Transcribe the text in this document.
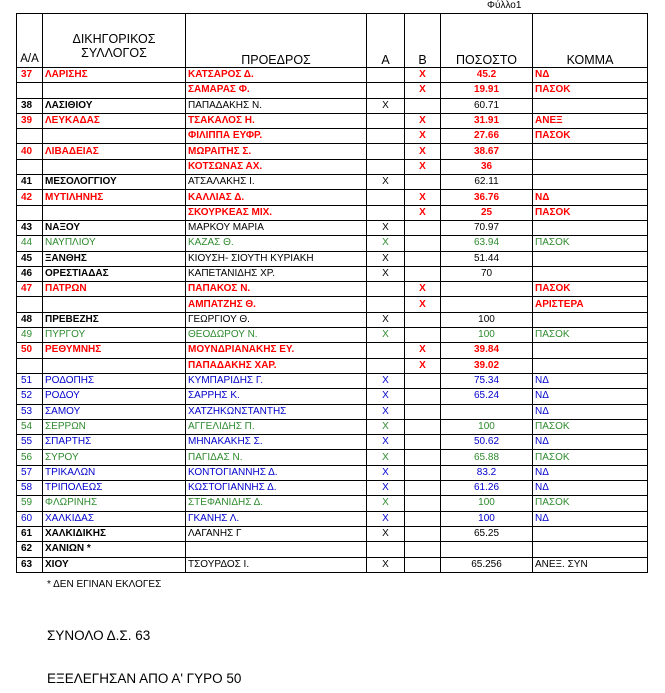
Φύλλο1
Α/Α	ΔΙΚΗΓΟΡΙΚΟΣ ΣΥΛΛΟΓΟΣ	ΠΡΟΕΔΡΟΣ	Α	Β	ΠΟΣΟΣΤΟ	ΚΟΜΜΑ
37	ΛΑΡΙΣΗΣ	ΚΑΤΣΑΡΟΣ Δ.		Χ	45.2	ΝΔ
		ΣΑΜΑΡΑΣ Φ.		Χ	19.91	ΠΑΣΟΚ
38	ΛΑΣΙΘΙΟΥ	ΠΑΠΑΔΑΚΗΣ Ν.	Χ		60.71	
39	ΛΕΥΚΑΔΑΣ	ΤΣΑΚΑΛΟΣ Η.		Χ	31.91	ΑΝΕΞ
		ΦΙΛΙΠΠΑ ΕΥΦΡ.		Χ	27.66	ΠΑΣΟΚ
40	ΛΙΒΑΔΕΙΑΣ	ΜΩΡΑΙΤΗΣ Σ.		Χ	38.67	
		ΚΟΤΣΩΝΑΣ ΑΧ.		Χ	36	
41	ΜΕΣΟΛΟΓΓΙΟΥ	ΑΤΣΑΛΑΚΗΣ Ι.	Χ		62.11	
42	ΜΥΤΙΛΗΝΗΣ	ΚΑΛΛΙΑΣ Δ.		Χ	36.76	ΝΔ
		ΣΚΟΥΡΚΕΑΣ ΜΙΧ.		Χ	25	ΠΑΣΟΚ
43	ΝΑΞΟΥ	ΜΑΡΚΟΥ ΜΑΡΙΑ	Χ		70.97	
44	ΝΑΥΠΛΙΟΥ	ΚΑΖΑΣ Θ.	Χ		63.94	ΠΑΣΟΚ
45	ΞΑΝΘΗΣ	ΚΙΟΥΣΗ- ΣΙΟΥΤΗ ΚΥΡΙΑΚΗ	Χ		51.44	
46	ΟΡΕΣΤΙΑΔΑΣ	ΚΑΠΕΤΑΝΙΔΗΣ ΧΡ.	Χ		70	
47	ΠΑΤΡΩΝ	ΠΑΠΑΚΟΣ Ν.		Χ		ΠΑΣΟΚ
		ΑΜΠΑΤΖΗΣ Θ.		Χ		ΑΡΙΣΤΕΡΑ
48	ΠΡΕΒΕΖΗΣ	ΓΕΩΡΓΙΟΥ Θ.	Χ		100	
49	ΠΥΡΓΟΥ	ΘΕΟΔΩΡΟΥ Ν.	Χ		100	ΠΑΣΟΚ
50	ΡΕΘΥΜΝΗΣ	ΜΟΥΝΔΡΙΑΝΑΚΗΣ ΕΥ.		Χ	39.84	
		ΠΑΠΑΔΑΚΗΣ ΧΑΡ.		Χ	39.02	
51	ΡΟΔΟΠΗΣ	ΚΥΜΠΑΡΙΔΗΣ Γ.	Χ		75.34	ΝΔ
52	ΡΟΔΟΥ	ΣΑΡΡΗΣ Κ.	Χ		65.24	ΝΔ
53	ΣΑΜΟΥ	ΧΑΤΖΗΚΩΝΣΤΑΝΤΗΣ	Χ			ΝΔ
54	ΣΕΡΡΩΝ	ΑΓΓΕΛΙΔΗΣ Π.	Χ		100	ΠΑΣΟΚ
55	ΣΠΑΡΤΗΣ	ΜΗΝΑΚΑΚΗΣ Σ.	Χ		50.62	ΝΔ
56	ΣΥΡΟΥ	ΠΑΓΙΔΑΣ Ν.	Χ		65.88	ΠΑΣΟΚ
57	ΤΡΙΚΑΛΩΝ	ΚΟΝΤΟΓΙΑΝΝΗΣ Δ.	Χ		83.2	ΝΔ
58	ΤΡΙΠΟΛΕΩΣ	ΚΩΣΤΟΓΙΑΝΝΗΣ Δ.	Χ		61.26	ΝΔ
59	ΦΛΩΡΙΝΗΣ	ΣΤΕΦΑΝΙΔΗΣ Δ.	Χ		100	ΠΑΣΟΚ
60	ΧΑΛΚΙΔΑΣ	ΓΚΑΝΗΣ Λ.	Χ		100	ΝΔ
61	ΧΑΛΚΙΔΙΚΗΣ	ΛΑΓΑΝΗΣ Γ	Χ		65.25	
62	ΧΑΝΙΩΝ *					
63	ΧΙΟΥ	ΤΣΟΥΡΔΟΣ Ι.	Χ		65.256	ΑΝΕΞ. ΣΥΝ
* ΔΕΝ ΕΓΙΝΑΝ ΕΚΛΟΓΕΣ
ΣΥΝΟΛΟ Δ.Σ. 63
ΕΞΕΛΕΓΗΣΑΝ ΑΠΟ Α' ΓΥΡΟ 50
